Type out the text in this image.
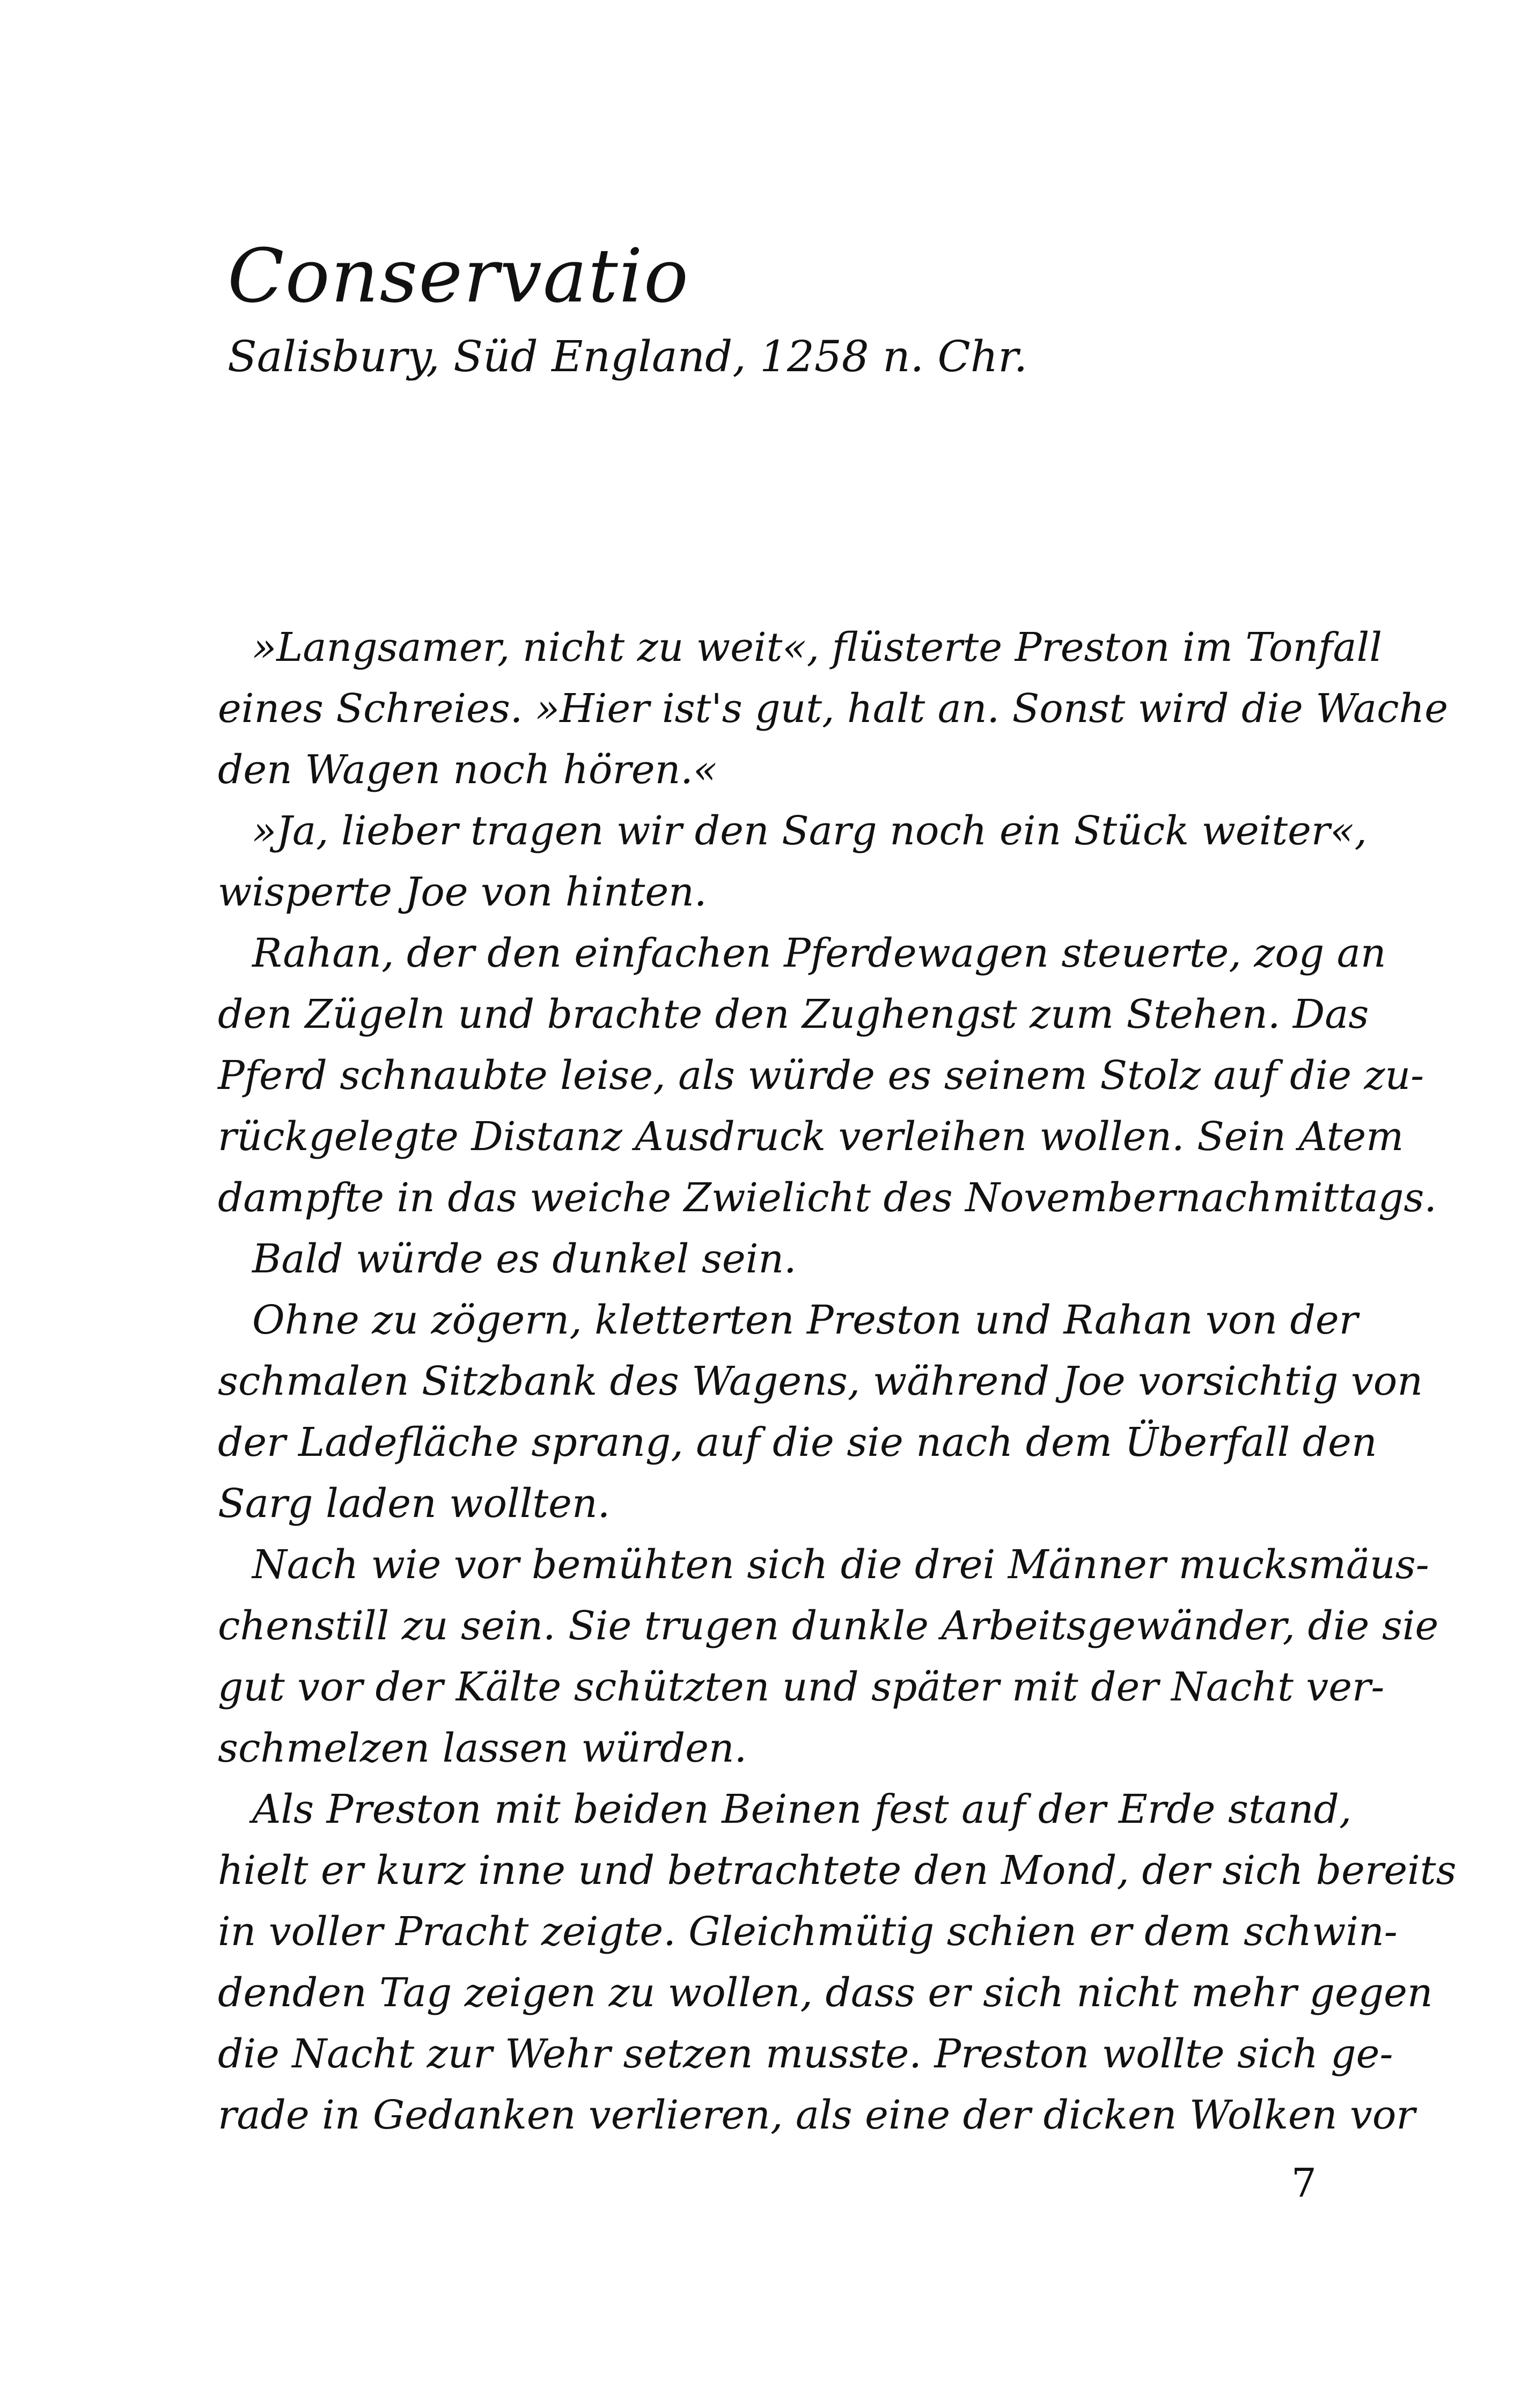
Conservatio

Salisbury, Süd England, 1258 n. Chr.

»Langsamer, nicht zu weit«, flüsterte Preston im Tonfall
eines Schreies. »Hier ist's gut, halt an. Sonst wird die Wache
den Wagen noch hören.«
»Ja, lieber tragen wir den Sarg noch ein Stück weiter«,
wisperte Joe von hinten.
Rahan, der den einfachen Pferdewagen steuerte, zog an
den Zügeln und brachte den Zughengst zum Stehen. Das
Pferd schnaubte leise, als würde es seinem Stolz auf die zu-
rückgelegte Distanz Ausdruck verleihen wollen. Sein Atem
dampfte in das weiche Zwielicht des Novembernachmittags.
Bald würde es dunkel sein.
Ohne zu zögern, kletterten Preston und Rahan von der
schmalen Sitzbank des Wagens, während Joe vorsichtig von
der Ladefläche sprang, auf die sie nach dem Überfall den
Sarg laden wollten.
Nach wie vor bemühten sich die drei Männer mucksmäus-
chenstill zu sein. Sie trugen dunkle Arbeitsgewänder, die sie
gut vor der Kälte schützten und später mit der Nacht ver-
schmelzen lassen würden.
Als Preston mit beiden Beinen fest auf der Erde stand,
hielt er kurz inne und betrachtete den Mond, der sich bereits
in voller Pracht zeigte. Gleichmütig schien er dem schwin-
denden Tag zeigen zu wollen, dass er sich nicht mehr gegen
die Nacht zur Wehr setzen musste. Preston wollte sich ge-
rade in Gedanken verlieren, als eine der dicken Wolken vor
7
